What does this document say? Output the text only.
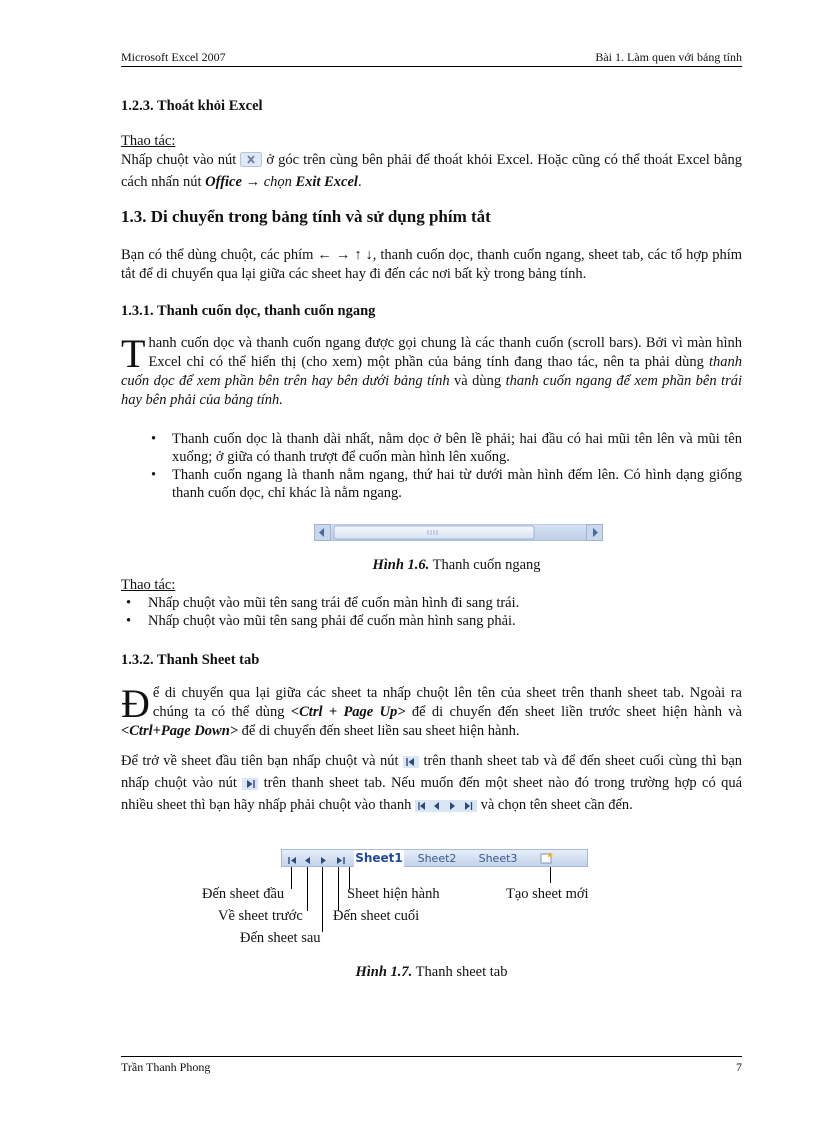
Microsoft Excel 2007	Bài 1. Làm quen với bảng tính
1.2.3. Thoát khỏi Excel
Thao tác:
Nhấp chuột vào nút ở góc trên cùng bên phải để thoát khỏi Excel. Hoặc cũng có thể thoát Excel bằng cách nhấn nút Office → chọn Exit Excel.
1.3. Di chuyển trong bảng tính và sử dụng phím tắt
Bạn có thể dùng chuột, các phím ← → ↑ ↓, thanh cuốn dọc, thanh cuốn ngang, sheet tab, các tổ hợp phím tắt để di chuyển qua lại giữa các sheet hay đi đến các nơi bất kỳ trong bảng tính.
1.3.1. Thanh cuốn dọc, thanh cuốn ngang
Thanh cuốn dọc và thanh cuốn ngang được gọi chung là các thanh cuốn (scroll bars). Bởi vì màn hình Excel chỉ có thể hiển thị (cho xem) một phần của bảng tính đang thao tác, nên ta phải dùng thanh cuốn dọc để xem phần bên trên hay bên dưới bảng tính và dùng thanh cuốn ngang để xem phần bên trái hay bên phải của bảng tính.
• Thanh cuốn dọc là thanh dài nhất, nằm dọc ở bên lề phải; hai đầu có hai mũi tên lên và mũi tên xuống; ở giữa có thanh trượt để cuốn màn hình lên xuống.
• Thanh cuốn ngang là thanh nằm ngang, thứ hai từ dưới màn hình đếm lên. Có hình dạng giống thanh cuốn dọc, chỉ khác là nằm ngang.
Hình 1.6. Thanh cuốn ngang
Thao tác:
• Nhấp chuột vào mũi tên sang trái để cuốn màn hình đi sang trái.
• Nhấp chuột vào mũi tên sang phải để cuốn màn hình sang phải.
1.3.2. Thanh Sheet tab
Để di chuyển qua lại giữa các sheet ta nhấp chuột lên tên của sheet trên thanh sheet tab. Ngoài ra chúng ta có thể dùng <Ctrl + Page Up> để di chuyển đến sheet liền trước sheet hiện hành và <Ctrl+Page Down> để di chuyển đến sheet liền sau sheet hiện hành.
Để trở về sheet đầu tiên bạn nhấp chuột và nút trên thanh sheet tab và để đến sheet cuối cùng thì bạn nhấp chuột vào nút trên thanh sheet tab. Nếu muốn đến một sheet nào đó trong trường hợp có quá nhiều sheet thì bạn hãy nhấp phải chuột vào thanh	và chọn tên sheet cần đến.
Sheet1	Sheet2	Sheet3
Đến sheet đầu
Về sheet trước
Đến sheet sau
Sheet hiện hành
Đến sheet cuối
Tạo sheet mới
Hình 1.7. Thanh sheet tab
Trần Thanh Phong	7
